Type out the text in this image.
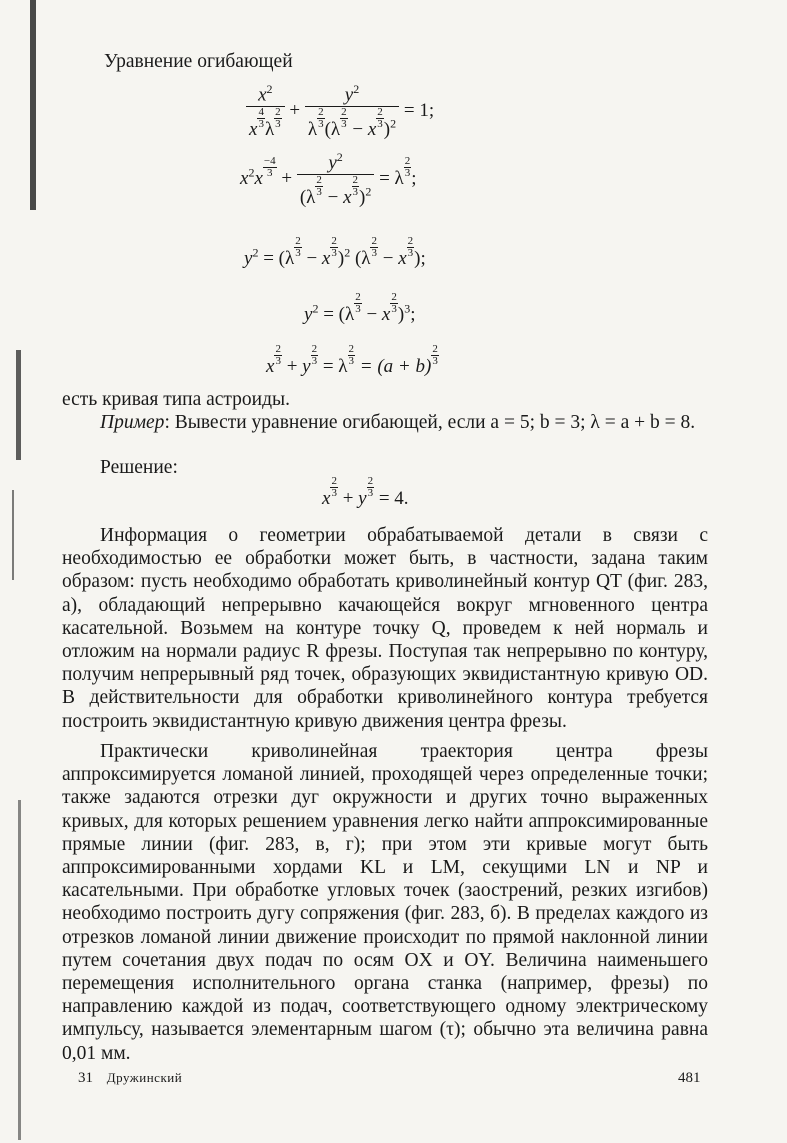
Уравнение огибающей
$\frac{x^2}{x \frac{4}{3} \lambda \frac{2}{3}} + \frac{y^2}{\lambda \frac{2}{3} (\lambda \frac{2}{3} - x \frac{2}{3} )^2} = 1$;
$x^2x \frac{-4}{3} + \frac{y^2}{(\lambda \frac{2}{3} - x \frac{2}{3} )^2} = \lambda \frac{2}{3}$ ;
$y^2 = (\lambda \frac{2}{3} - x \frac{2}{3} )^2$ ($\lambda \frac{2}{3} - x \frac{2}{3}$ );
$y^2 = (\lambda \frac{2}{3} - x \frac{2}{3} )^3$;
x $\frac{2}{3} + y \frac{2}{3} = \lambda \frac{2}{3} = (a + b) \frac{2}{3}$
есть кривая типа астроиды.
Пример: Вывести уравнение огибающей, если a = 5; b = 3; λ = a + b = 8.
Решение:
x $\frac{2}{3} + y \frac{2}{3} = 4$.
Информация о геометрии обрабатываемой детали в связи с необходимостью ее обработки может быть, в частности, задана таким образом: пусть необходимо обработать криволинейный контур QT (фиг. 283, a), обладающий непрерывно качающейся вокруг мгновенного центра касательной. Возьмем на контуре точку Q, проведем к ней нормаль и отложим на нормали радиус R фрезы. Поступая так непрерывно по контуру, получим непрерывный ряд точек, образующих эквидистантную кривую OD. В действительности для обработки криволинейного контура требуется построить эквидистантную кривую движения центра фрезы.
Практически криволинейная траектория центра фрезы аппроксимируется ломаной линией, проходящей через определенные точки; также задаются отрезки дуг окружности и других точно выраженных кривых, для которых решением уравнения легко найти аппроксимированные прямые линии (фиг. 283, в, г); при этом эти кривые могут быть аппроксимированными хордами KL и LM, секущими LN и NP и касательными. При обработке угловых точек (заострений, резких изгибов) необходимо построить дугу сопряжения (фиг. 283, б). В пределах каждого из отрезков ломаной линии движение происходит по прямой наклонной линии путем сочетания двух подач по осям OX и OY. Величина наименьшего перемещения исполнительного органа станка (например, фрезы) по направлению каждой из подач, соответствующего одному электрическому импульсу, называется элементарным шагом (τ); обычно эта величина равна 0,01 мм.
31 Дружинский	481
